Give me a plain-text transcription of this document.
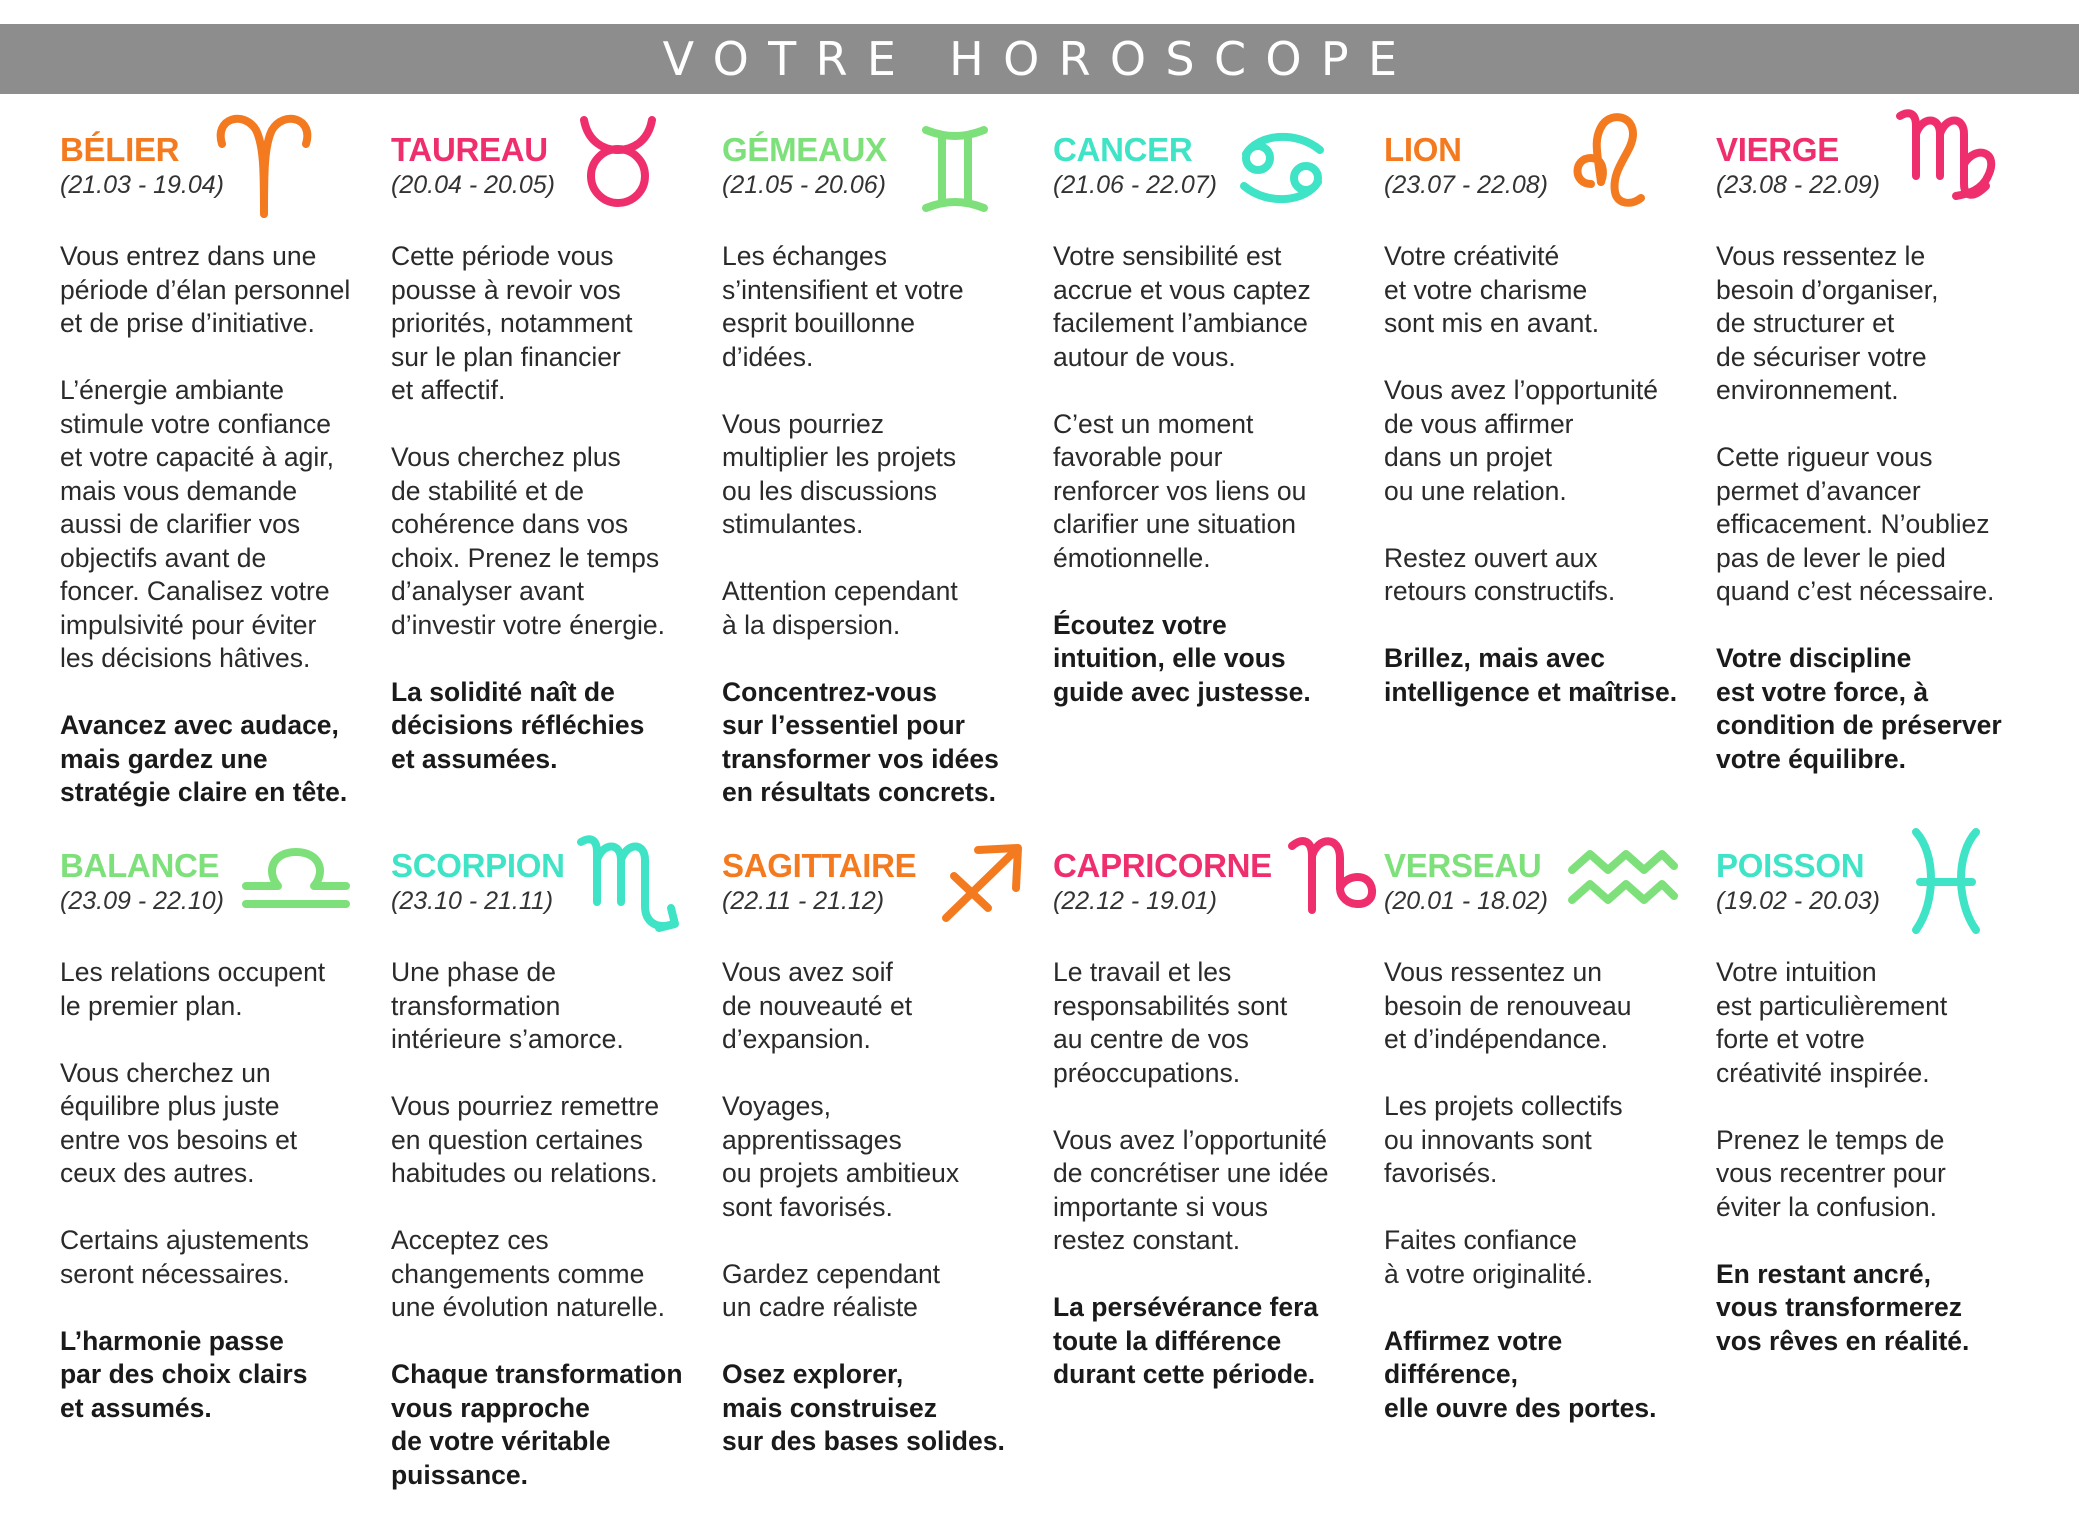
VOTRE HOROSCOPE
BÉLIER
(21.03 - 19.04)
Vous entrez dans une
période d’élan personnel
et de prise d’initiative.
L’énergie ambiante
stimule votre confiance
et votre capacité à agir,
mais vous demande
aussi de clarifier vos
objectifs avant de
foncer. Canalisez votre
impulsivité pour éviter
les décisions hâtives.
Avancez avec audace,
mais gardez une
stratégie claire en tête.
TAUREAU
(20.04 - 20.05)
Cette période vous
pousse à revoir vos
priorités, notamment
sur le plan financier
et affectif.
Vous cherchez plus
de stabilité et de
cohérence dans vos
choix. Prenez le temps
d’analyser avant
d’investir votre énergie.
La solidité naît de
décisions réfléchies
et assumées.
GÉMEAUX
(21.05 - 20.06)
Les échanges
s’intensifient et votre
esprit bouillonne
d’idées.
Vous pourriez
multiplier les projets
ou les discussions
stimulantes.
Attention cependant
à la dispersion.
Concentrez-vous
sur l’essentiel pour
transformer vos idées
en résultats concrets.
CANCER
(21.06 - 22.07)
Votre sensibilité est
accrue et vous captez
facilement l’ambiance
autour de vous.
C’est un moment
favorable pour
renforcer vos liens ou
clarifier une situation
émotionnelle.
Écoutez votre
intuition, elle vous
guide avec justesse.
LION
(23.07 - 22.08)
Votre créativité
et votre charisme
sont mis en avant.
Vous avez l’opportunité
de vous affirmer
dans un projet
ou une relation.
Restez ouvert aux
retours constructifs.
Brillez, mais avec
intelligence et maîtrise.
VIERGE
(23.08 - 22.09)
Vous ressentez le
besoin d’organiser,
de structurer et
de sécuriser votre
environnement.
Cette rigueur vous
permet d’avancer
efficacement. N’oubliez
pas de lever le pied
quand c’est nécessaire.
Votre discipline
est votre force, à
condition de préserver
votre équilibre.
BALANCE
(23.09 - 22.10)
Les relations occupent
le premier plan.
Vous cherchez un
équilibre plus juste
entre vos besoins et
ceux des autres.
Certains ajustements
seront nécessaires.
L’harmonie passe
par des choix clairs
et assumés.
SCORPION
(23.10 - 21.11)
Une phase de
transformation
intérieure s’amorce.
Vous pourriez remettre
en question certaines
habitudes ou relations.
Acceptez ces
changements comme
une évolution naturelle.
Chaque transformation
vous rapproche
de votre véritable
puissance.
SAGITTAIRE
(22.11 - 21.12)
Vous avez soif
de nouveauté et
d’expansion.
Voyages,
apprentissages
ou projets ambitieux
sont favorisés.
Gardez cependant
un cadre réaliste
Osez explorer,
mais construisez
sur des bases solides.
CAPRICORNE
(22.12 - 19.01)
Le travail et les
responsabilités sont
au centre de vos
préoccupations.
Vous avez l’opportunité
de concrétiser une idée
importante si vous
restez constant.
La persévérance fera
toute la différence
durant cette période.
VERSEAU
(20.01 - 18.02)
Vous ressentez un
besoin de renouveau
et d’indépendance.
Les projets collectifs
ou innovants sont
favorisés.
Faites confiance
à votre originalité.
Affirmez votre
différence,
elle ouvre des portes.
POISSON
(19.02 - 20.03)
Votre intuition
est particulièrement
forte et votre
créativité inspirée.
Prenez le temps de
vous recentrer pour
éviter la confusion.
En restant ancré,
vous transformerez
vos rêves en réalité.
